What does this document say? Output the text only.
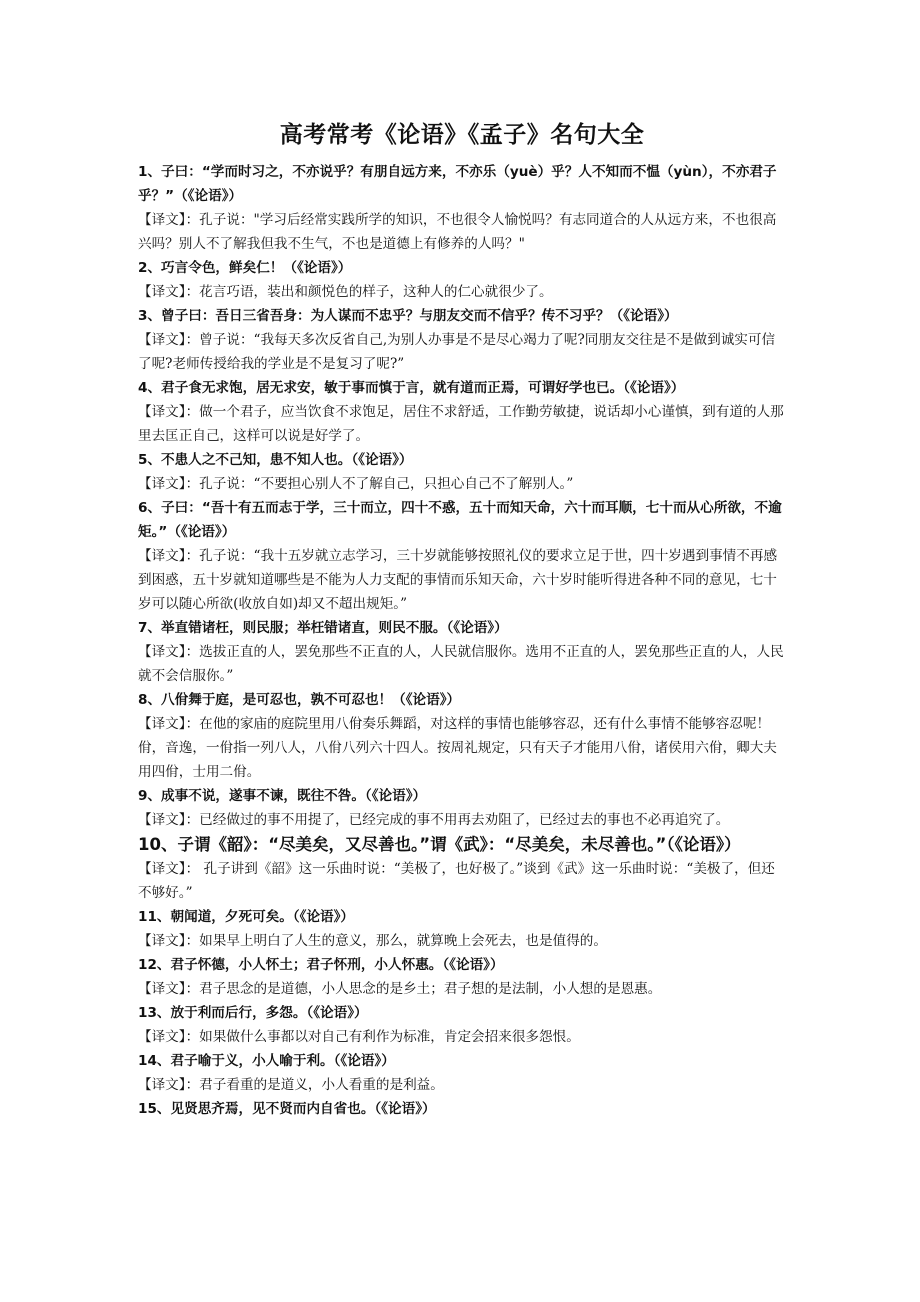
高考常考《论语》《孟子》名句大全

1、子曰：“学而时习之，不亦说乎？有朋自远方来，不亦乐（yuè）乎？人不知而不愠（yùn），不亦君子乎？”（《论语》）

【译文】：孔子说："学习后经常实践所学的知识，不也很令人愉悦吗？有志同道合的人从远方来，不也很高兴吗？别人不了解我但我不生气，不也是道德上有修养的人吗？"

2、巧言令色，鲜矣仁！（《论语》）

【译文】：花言巧语，装出和颜悦色的样子，这种人的仁心就很少了。

3、曾子曰：吾日三省吾身：为人谋而不忠乎？与朋友交而不信乎？传不习乎？（《论语》）

【译文】：曾子说：“我每天多次反省自己,为别人办事是不是尽心竭力了呢?同朋友交往是不是做到诚实可信了呢?老师传授给我的学业是不是复习了呢?”

4、君子食无求饱，居无求安，敏于事而慎于言，就有道而正焉，可谓好学也已。（《论语》）

【译文】：做一个君子，应当饮食不求饱足，居住不求舒适，工作勤劳敏捷，说话却小心谨慎，到有道的人那里去匡正自己，这样可以说是好学了。

5、不患人之不己知，患不知人也。（《论语》）

【译文】：孔子说：“不要担心别人不了解自己，只担心自己不了解别人。”

6、子曰：“吾十有五而志于学，三十而立，四十不惑，五十而知天命，六十而耳顺，七十而从心所欲，不逾矩。”（《论语》）

【译文】：孔子说：“我十五岁就立志学习，三十岁就能够按照礼仪的要求立足于世，四十岁遇到事情不再感到困惑，五十岁就知道哪些是不能为人力支配的事情而乐知天命，六十岁时能听得进各种不同的意见，七十岁可以随心所欲(收放自如)却又不超出规矩。”

7、举直错诸枉，则民服；举枉错诸直，则民不服。（《论语》）

【译文】：选拔正直的人，罢免那些不正直的人，人民就信服你。选用不正直的人，罢免那些正直的人，人民就不会信服你。”

8、八佾舞于庭，是可忍也，孰不可忍也！（《论语》）

【译文】：在他的家庙的庭院里用八佾奏乐舞蹈，对这样的事情也能够容忍，还有什么事情不能够容忍呢！佾，音逸，一佾指一列八人，八佾八列六十四人。按周礼规定，只有天子才能用八佾，诸侯用六佾，卿大夫用四佾，士用二佾。

9、成事不说，遂事不谏，既往不咎。（《论语》）

【译文】：已经做过的事不用提了，已经完成的事不用再去劝阻了，已经过去的事也不必再追究了。

10、子谓《韶》：“尽美矣，又尽善也。”谓《武》：“尽美矣，未尽善也。”（《论语》）

【译文】： 孔子讲到《韶》这一乐曲时说：“美极了，也好极了。”谈到《武》这一乐曲时说：“美极了，但还不够好。”

11、朝闻道，夕死可矣。（《论语》）

【译文】：如果早上明白了人生的意义，那么，就算晚上会死去，也是值得的。

12、君子怀德，小人怀土；君子怀刑，小人怀惠。（《论语》）

【译文】：君子思念的是道德，小人思念的是乡土；君子想的是法制，小人想的是恩惠。

13、放于利而后行，多怨。（《论语》）

【译文】：如果做什么事都以对自己有利作为标准，肯定会招来很多怨恨。

14、君子喻于义，小人喻于利。（《论语》）

【译文】：君子看重的是道义，小人看重的是利益。

15、见贤思齐焉，见不贤而内自省也。（《论语》）
